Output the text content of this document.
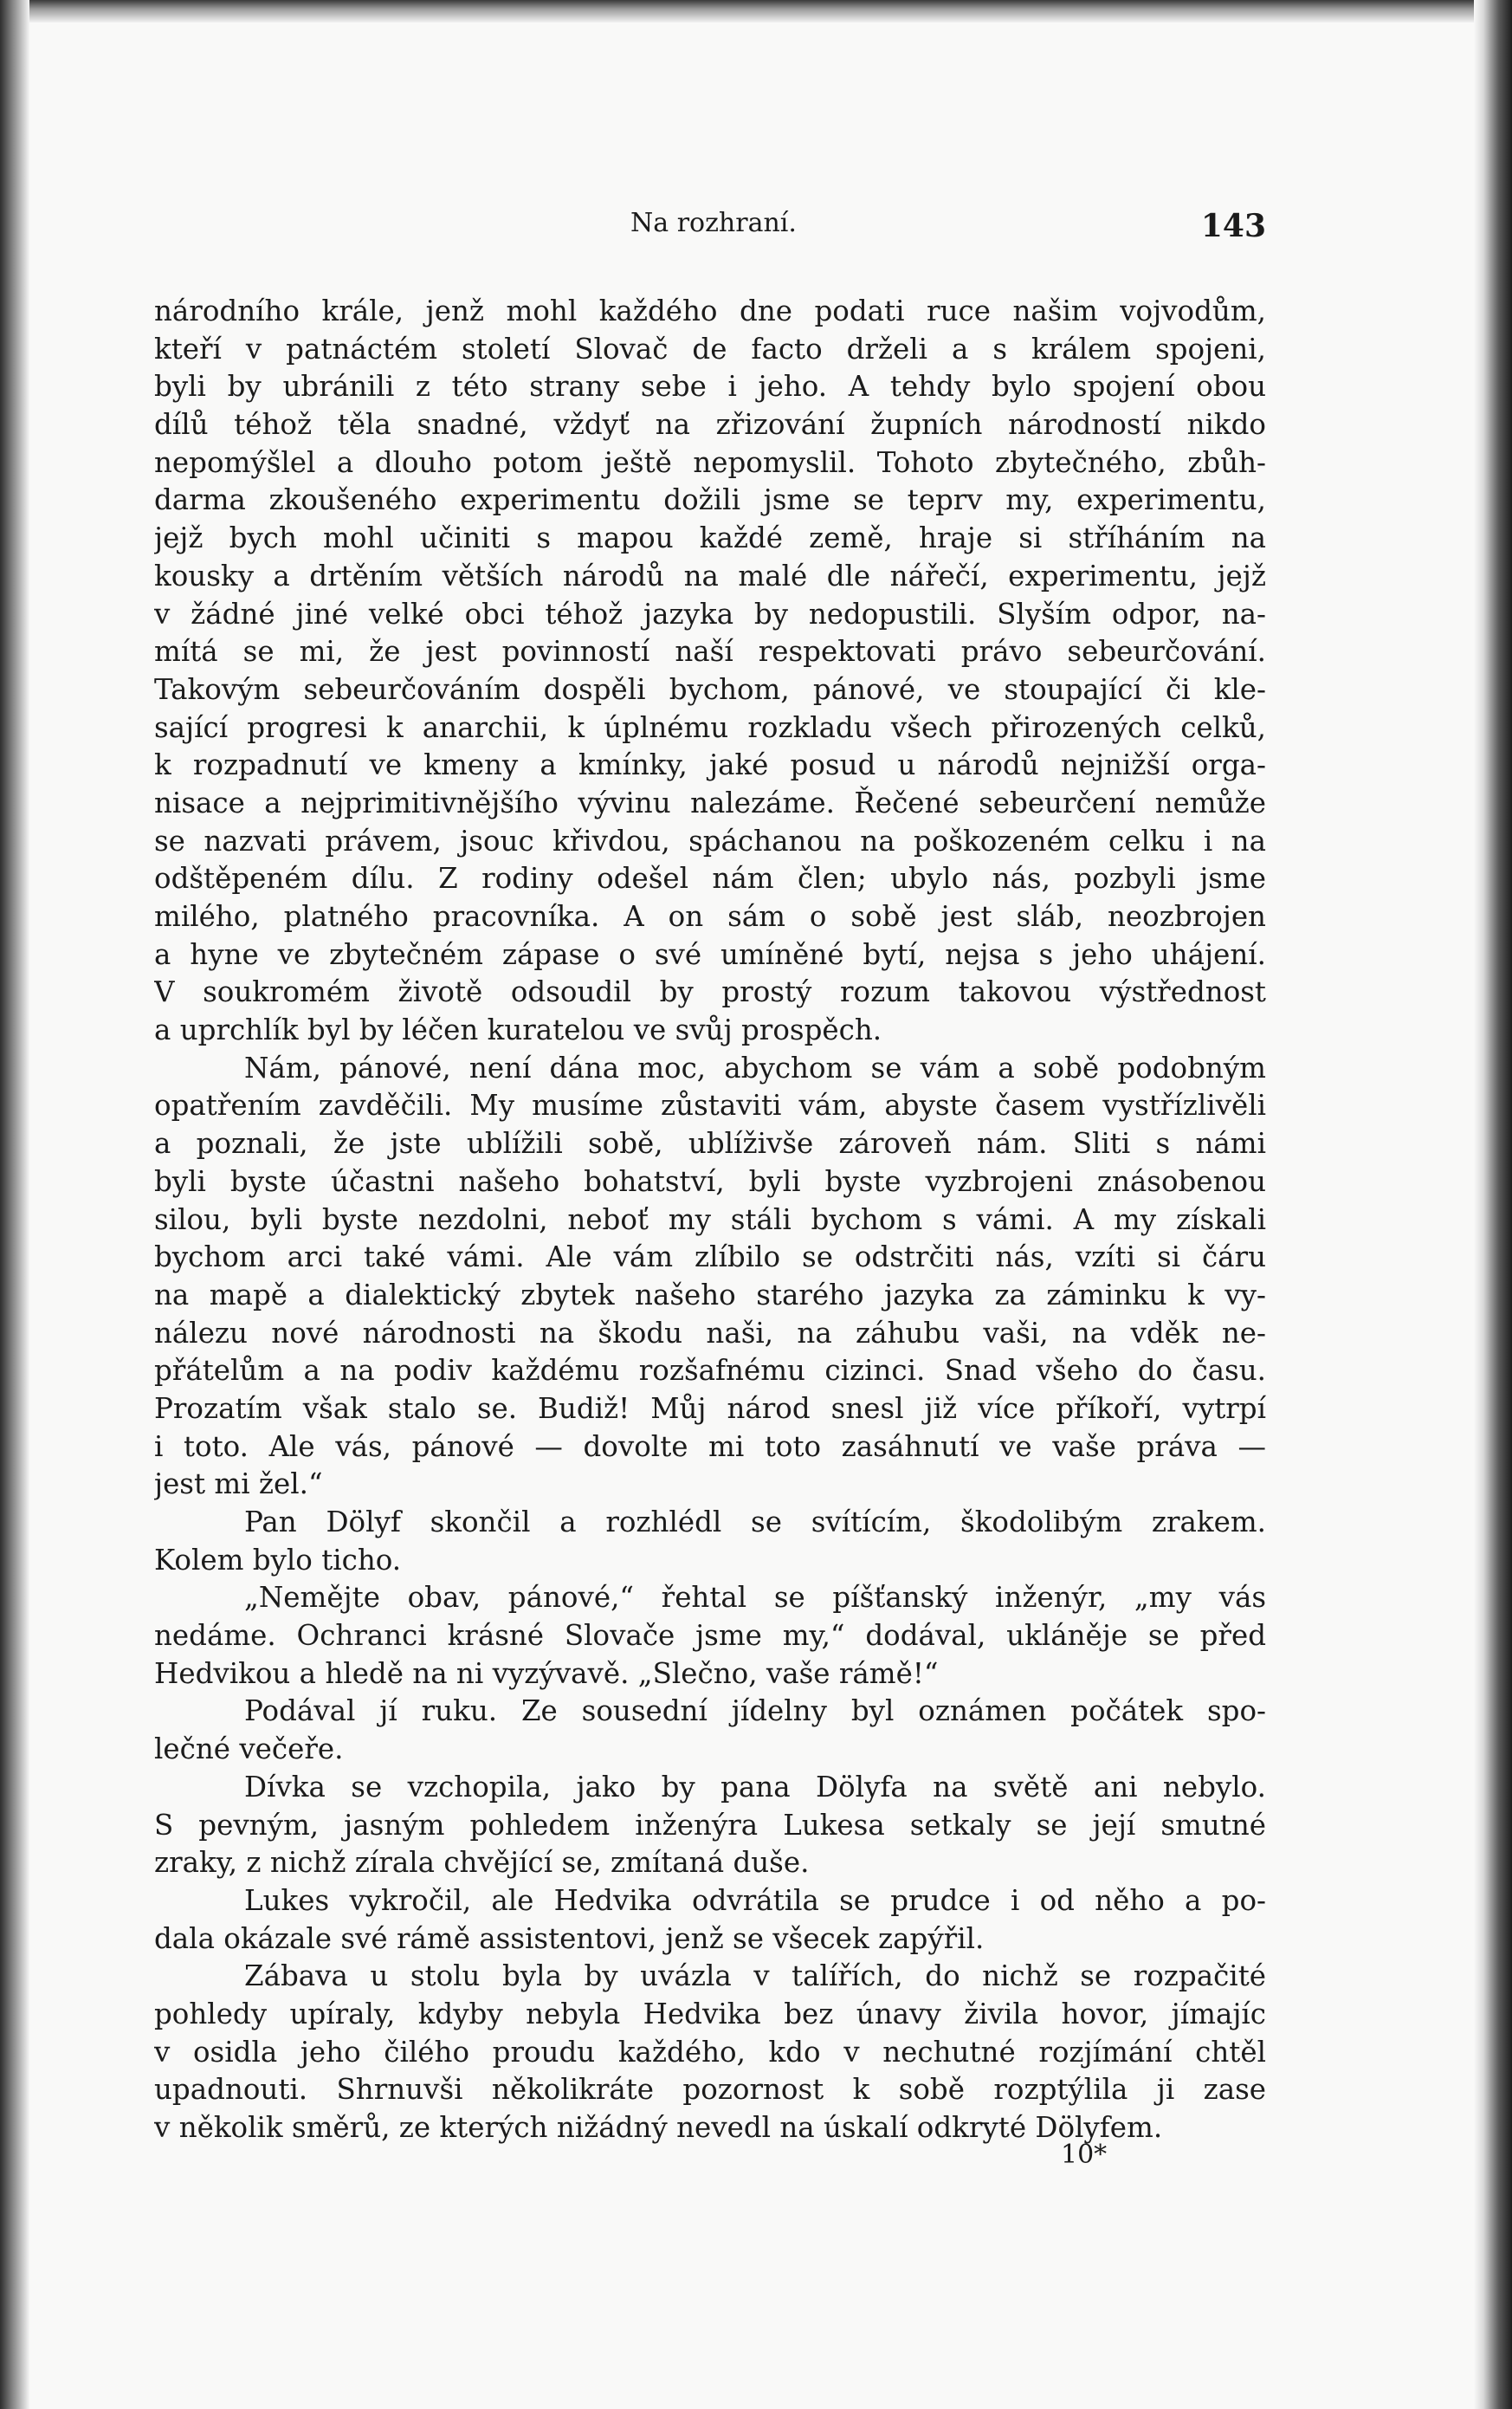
Na rozhraní.	143
národního krále, jenž mohl každého dne podati ruce našim vojvodům,
kteří v patnáctém století Slovač de facto drželi a s králem spojeni,
byli by ubránili z této strany sebe i jeho. A tehdy bylo spojení obou
dílů téhož těla snadné, vždyť na zřizování župních národností nikdo
nepomýšlel a dlouho potom ještě nepomyslil. Tohoto zbytečného, zbůh-
darma zkoušeného experimentu dožili jsme se teprv my, experimentu,
jejž bych mohl učiniti s mapou každé země, hraje si stříháním na
kousky a drtěním větších národů na malé dle nářečí, experimentu, jejž
v žádné jiné velké obci téhož jazyka by nedopustili. Slyším odpor, na-
mítá se mi, že jest povinností naší respektovati právo sebeurčování.
Takovým sebeurčováním dospěli bychom, pánové, ve stoupající či kle-
sající progresi k anarchii, k úplnému rozkladu všech přirozených celků,
k rozpadnutí ve kmeny a kmínky, jaké posud u národů nejnižší orga-
nisace a nejprimitivnějšího vývinu nalezáme. Řečené sebeurčení nemůže
se nazvati právem, jsouc křivdou, spáchanou na poškozeném celku i na
odštěpeném dílu. Z rodiny odešel nám člen; ubylo nás, pozbyli jsme
milého, platného pracovníka. A on sám o sobě jest sláb, neozbrojen
a hyne ve zbytečném zápase o své umíněné bytí, nejsa s jeho uhájení.
V soukromém životě odsoudil by prostý rozum takovou výstřednost
a uprchlík byl by léčen kuratelou ve svůj prospěch.
Nám, pánové, není dána moc, abychom se vám a sobě podobným
opatřením zavděčili. My musíme zůstaviti vám, abyste časem vystřízlivěli
a poznali, že jste ublížili sobě, ublíživše zároveň nám. Sliti s námi
byli byste účastni našeho bohatství, byli byste vyzbrojeni znásobenou
silou, byli byste nezdolni, neboť my stáli bychom s vámi. A my získali
bychom arci také vámi. Ale vám zlíbilo se odstrčiti nás, vzíti si čáru
na mapě a dialektický zbytek našeho starého jazyka za záminku k vy-
nálezu nové národnosti na škodu naši, na záhubu vaši, na vděk ne-
přátelům a na podiv každému rozšafnému cizinci. Snad všeho do času.
Prozatím však stalo se. Budiž! Můj národ snesl již více příkoří, vytrpí
i toto. Ale vás, pánové — dovolte mi toto zasáhnutí ve vaše práva —
jest mi žel.“
Pan Dölyf skončil a rozhlédl se svítícím, škodolibým zrakem.
Kolem bylo ticho.
„Nemějte obav, pánové,“ řehtal se píšťanský inženýr, „my vás
nedáme. Ochranci krásné Slovače jsme my,“ dodával, ukláněje se před
Hedvikou a hledě na ni vyzývavě. „Slečno, vaše rámě!“
Podával jí ruku. Ze sousední jídelny byl oznámen počátek spo-
lečné večeře.
Dívka se vzchopila, jako by pana Dölyfa na světě ani nebylo.
S pevným, jasným pohledem inženýra Lukesa setkaly se její smutné
zraky, z nichž zírala chvějící se, zmítaná duše.
Lukes vykročil, ale Hedvika odvrátila se prudce i od něho a po-
dala okázale své rámě assistentovi, jenž se všecek zapýřil.
Zábava u stolu byla by uvázla v talířích, do nichž se rozpačité
pohledy upíraly, kdyby nebyla Hedvika bez únavy živila hovor, jímajíc
v osidla jeho čilého proudu každého, kdo v nechutné rozjímání chtěl
upadnouti. Shrnuvši několikráte pozornost k sobě rozptýlila ji zase
v několik směrů, ze kterých nižádný nevedl na úskalí odkryté Dölyfem.
10*
